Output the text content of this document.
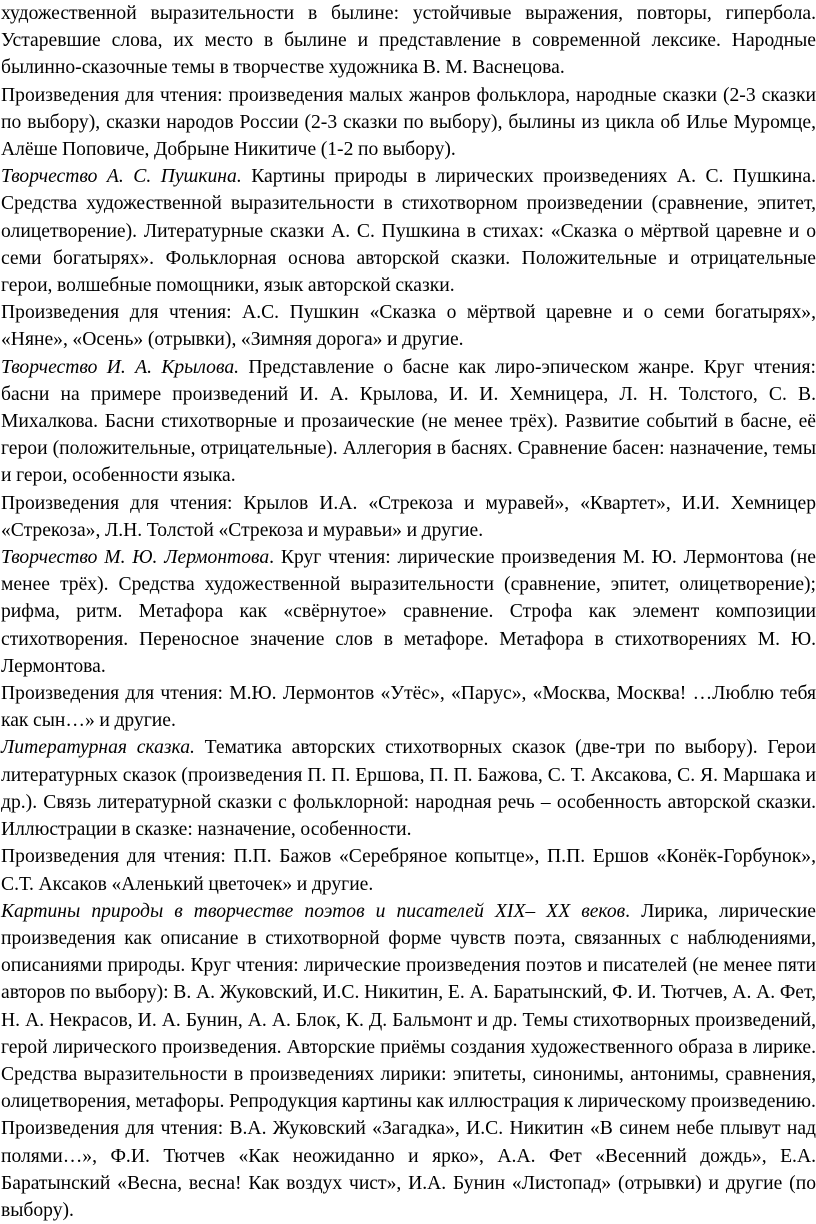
художественной выразительности в былине: устойчивые выражения, повторы, гипербола. Устаревшие слова, их место в былине и представление в современной лексике. Народные былинно-сказочные темы в творчестве художника В. М. Васнецова.

Произведения для чтения: произведения малых жанров фольклора, народные сказки (2-3 сказки по выбору), сказки народов России (2-3 сказки по выбору), былины из цикла об Илье Муромце, Алёше Поповиче, Добрыне Никитиче (1-2 по выбору).

Творчество А. С. Пушкина. Картины природы в лирических произведениях А. С. Пушкина. Средства художественной выразительности в стихотворном произведении (сравнение, эпитет, олицетворение). Литературные сказки А. С. Пушкина в стихах: «Сказка о мёртвой царевне и о семи богатырях». Фольклорная основа авторской сказки. Положительные и отрицательные герои, волшебные помощники, язык авторской сказки.

Произведения для чтения: А.С. Пушкин «Сказка о мёртвой царевне и о семи богатырях», «Няне», «Осень» (отрывки), «Зимняя дорога» и другие.

Творчество И. А. Крылова. Представление о басне как лиро-эпическом жанре. Круг чтения: басни на примере произведений И. А. Крылова, И. И. Хемницера, Л. Н. Толстого, С. В. Михалкова. Басни стихотворные и прозаические (не менее трёх). Развитие событий в басне, её герои (положительные, отрицательные). Аллегория в баснях. Сравнение басен: назначение, темы и герои, особенности языка.

Произведения для чтения: Крылов И.А. «Стрекоза и муравей», «Квартет», И.И. Хемницер «Стрекоза», Л.Н. Толстой «Стрекоза и муравьи» и другие.

Творчество М. Ю. Лермонтова. Круг чтения: лирические произведения М. Ю. Лермонтова (не менее трёх). Средства художественной выразительности (сравнение, эпитет, олицетворение); рифма, ритм. Метафора как «свёрнутое» сравнение. Строфа как элемент композиции стихотворения. Переносное значение слов в метафоре. Метафора в стихотворениях М. Ю. Лермонтова.

Произведения для чтения: М.Ю. Лермонтов «Утёс», «Парус», «Москва, Москва! …Люблю тебя как сын…» и другие.

Литературная сказка. Тематика авторских стихотворных сказок (две-три по выбору). Герои литературных сказок (произведения П. П. Ершова, П. П. Бажова, С. Т. Аксакова, С. Я. Маршака и др.). Связь литературной сказки с фольклорной: народная речь – особенность авторской сказки. Иллюстрации в сказке: назначение, особенности.

Произведения для чтения: П.П. Бажов «Серебряное копытце», П.П. Ершов «Конёк-Горбунок», С.Т. Аксаков «Аленький цветочек» и другие.

Картины природы в творчестве поэтов и писателей XIX– XX веков. Лирика, лирические произведения как описание в стихотворной форме чувств поэта, связанных с наблюдениями, описаниями природы. Круг чтения: лирические произведения поэтов и писателей (не менее пяти авторов по выбору): В. А. Жуковский, И.С. Никитин, Е. А. Баратынский, Ф. И. Тютчев, А. А. Фет, Н. А. Некрасов, И. А. Бунин, А. А. Блок, К. Д. Бальмонт и др. Темы стихотворных произведений, герой лирического произведения. Авторские приёмы создания художественного образа в лирике. Средства выразительности в произведениях лирики: эпитеты, синонимы, антонимы, сравнения, олицетворения, метафоры. Репродукция картины как иллюстрация к лирическому произведению.

Произведения для чтения: В.А. Жуковский «Загадка», И.С. Никитин «В синем небе плывут над полями…», Ф.И. Тютчев «Как неожиданно и ярко», А.А. Фет «Весенний дождь», Е.А. Баратынский «Весна, весна! Как воздух чист», И.А. Бунин «Листопад» (отрывки) и другие (по выбору).
